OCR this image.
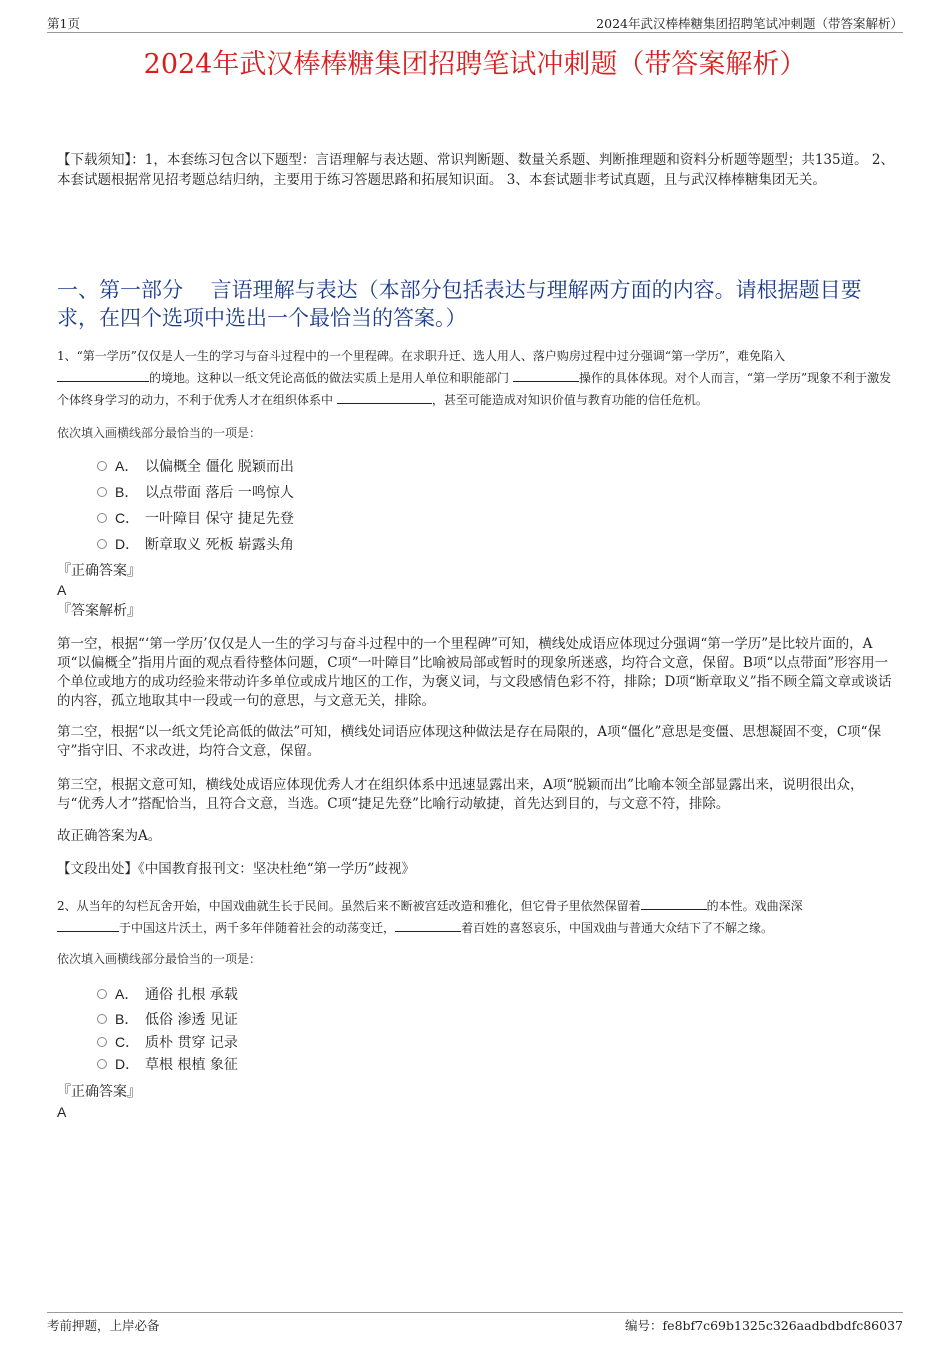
第1页	2024年武汉棒棒糖集团招聘笔试冲刺题（带答案解析）
2024年武汉棒棒糖集团招聘笔试冲刺题（带答案解析）
【下载须知】：1，本套练习包含以下题型：言语理解与表达题、常识判断题、数量关系题、判断推理题和资料分析题等题型；共135道。 2、本套试题根据常见招考题总结归纳，主要用于练习答题思路和拓展知识面。 3、本套试题非考试真题，且与武汉棒棒糖集团无关。
一、第一部分　 言语理解与表达（本部分包括表达与理解两方面的内容。请根据题目要求，在四个选项中选出一个最恰当的答案。）
1、“第一学历”仅仅是人一生的学习与奋斗过程中的一个里程碑。在求职升迁、选人用人、落户购房过程中过分强调“第一学历”，难免陷入
的境地。这种以一纸文凭论高低的做法实质上是用人单位和职能部门	操作的具体体现。对个人而言，“第一学历”现象不利于激发个体终身学习的动力，不利于优秀人才在组织体系中	，甚至可能造成对知识价值与教育功能的信任危机。
依次填入画横线部分最恰当的一项是：
A． 以偏概全 僵化 脱颖而出
B． 以点带面 落后 一鸣惊人
C． 一叶障目 保守 捷足先登
D． 断章取义 死板 崭露头角
『正确答案』
A
『答案解析』
第一空，根据“‘第一学历’仅仅是人一生的学习与奋斗过程中的一个里程碑”可知，横线处成语应体现过分强调“第一学历”是比较片面的，A项“以偏概全”指用片面的观点看待整体问题，C项“一叶障目”比喻被局部或暂时的现象所迷惑，均符合文意，保留。B项“以点带面”形容用一个单位或地方的成功经验来带动许多单位或成片地区的工作，为褒义词，与文段感情色彩不符，排除；D项“断章取义”指不顾全篇文章或谈话的内容，孤立地取其中一段或一句的意思，与文意无关，排除。
第二空，根据“以一纸文凭论高低的做法”可知，横线处词语应体现这种做法是存在局限的，A项“僵化”意思是变僵、思想凝固不变，C项“保守”指守旧、不求改进，均符合文意，保留。
第三空，根据文意可知，横线处成语应体现优秀人才在组织体系中迅速显露出来，A项“脱颖而出”比喻本领全部显露出来，说明很出众，与“优秀人才”搭配恰当，且符合文意，当选。C项“捷足先登”比喻行动敏捷，首先达到目的，与文意不符，排除。
故正确答案为A。
【文段出处】《中国教育报刊文：坚决杜绝“第一学历”歧视》
2、从当年的勾栏瓦舍开始，中国戏曲就生长于民间。虽然后来不断被宫廷改造和雅化，但它骨子里依然保留着	的本性。戏曲深深
于中国这片沃土，两千多年伴随着社会的动荡变迁，	着百姓的喜怒哀乐，中国戏曲与普通大众结下了不解之缘。
依次填入画横线部分最恰当的一项是：
A． 通俗 扎根 承载
B． 低俗 渗透 见证
C． 质朴 贯穿 记录
D． 草根 根植 象征
『正确答案』
A
考前押题，上岸必备	编号：fe8bf7c69b1325c326aadbdbdfc86037
